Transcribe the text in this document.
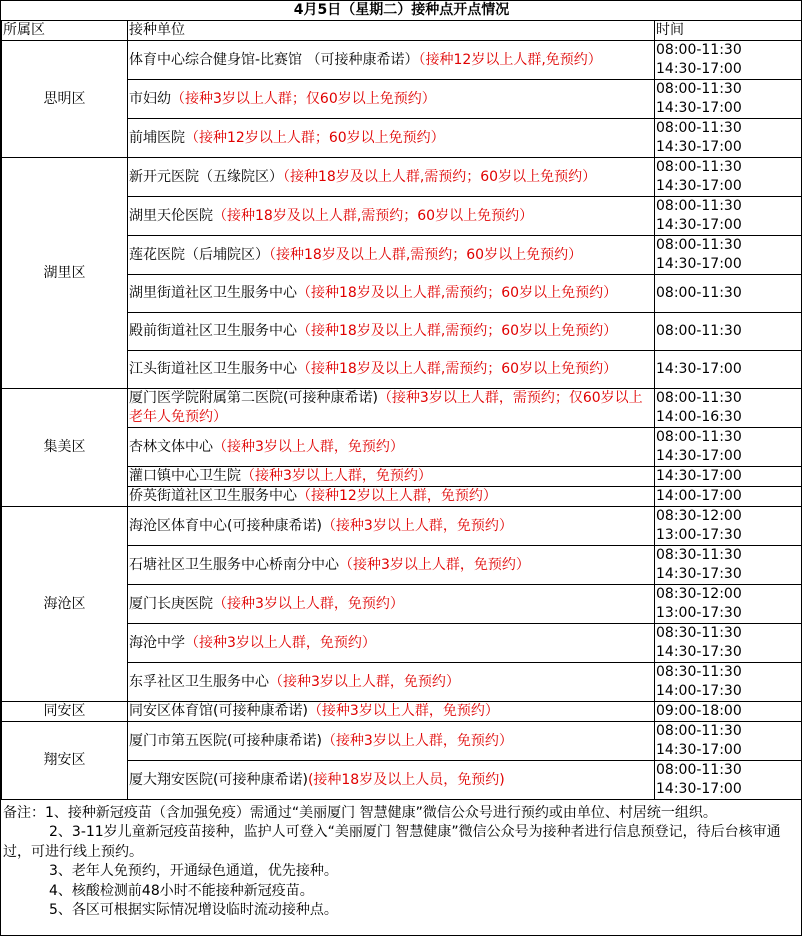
4月5日（星期二）接种点开点情况		
所属区	接种单位	时间
思明区	体育中心综合健身馆-比赛馆 （可接种康希诺）（接种12岁以上人群,免预约）	08:00-11:30
14:30-17:00

	市妇幼（接种3岁以上人群；仅60岁以上免预约）	08:00-11:30
14:30-17:00

	前埔医院（接种12岁以上人群；60岁以上免预约）	08:00-11:30
14:30-17:00

湖里区	新开元医院（五缘院区）（接种18岁及以上人群,需预约；60岁以上免预约）	08:00-11:30
14:30-17:00

	湖里天伦医院（接种18岁及以上人群,需预约；60岁以上免预约）	08:00-11:30
14:30-17:00

	莲花医院（后埔院区）（接种18岁及以上人群,需预约；60岁以上免预约）	08:00-11:30
14:30-17:00

	湖里街道社区卫生服务中心（接种18岁及以上人群,需预约；60岁以上免预约）	08:00-11:30

	殿前街道社区卫生服务中心（接种18岁及以上人群,需预约；60岁以上免预约）	08:00-11:30

	江头街道社区卫生服务中心（接种18岁及以上人群,需预约；60岁以上免预约）	14:30-17:00

集美区	厦门医学院附属第二医院(可接种康希诺)（接种3岁以上人群，需预约；仅60岁以上老年人免预约）	08:00-11:30
14:00-16:30

	杏林文体中心（接种3岁以上人群，免预约）	08:00-11:30
14:30-17:00

	灌口镇中心卫生院（接种3岁以上人群，免预约）	14:30-17:00

	侨英街道社区卫生服务中心（接种12岁以上人群，免预约）	14:00-17:00

海沧区	海沧区体育中心(可接种康希诺)（接种3岁以上人群，免预约）	08:30-12:00
13:00-17:30

	石塘社区卫生服务中心桥南分中心（接种3岁以上人群，免预约）	08:30-11:30
14:30-17:30

	厦门长庚医院（接种3岁以上人群，免预约）	08:30-12:00
13:00-17:30

	海沧中学（接种3岁以上人群，免预约）	08:30-11:30
14:30-17:30

	东孚社区卫生服务中心（接种3岁以上人群，免预约）	08:30-11:30
14:00-17:30

同安区	同安区体育馆(可接种康希诺)（接种3岁以上人群，免预约）	09:00-18:00

翔安区	厦门市第五医院(可接种康希诺)（接种3岁以上人群，免预约）	08:00-11:30
14:30-17:00

	厦大翔安医院(可接种康希诺)(接种18岁及以上人员，免预约)	08:00-11:30
14:30-17:00

备注：1、接种新冠疫苗（含加强免疫）需通过“美丽厦门 智慧健康”微信公众号进行预约或由单位、村居统一组织。

2、3-11岁儿童新冠疫苗接种，监护人可登入“美丽厦门 智慧健康”微信公众号为接种者进行信息预登记，待后台核审通过，可进行线上预约。

3、老年人免预约，开通绿色通道，优先接种。

4、核酸检测前48小时不能接种新冠疫苗。

5、各区可根据实际情况增设临时流动接种点。
